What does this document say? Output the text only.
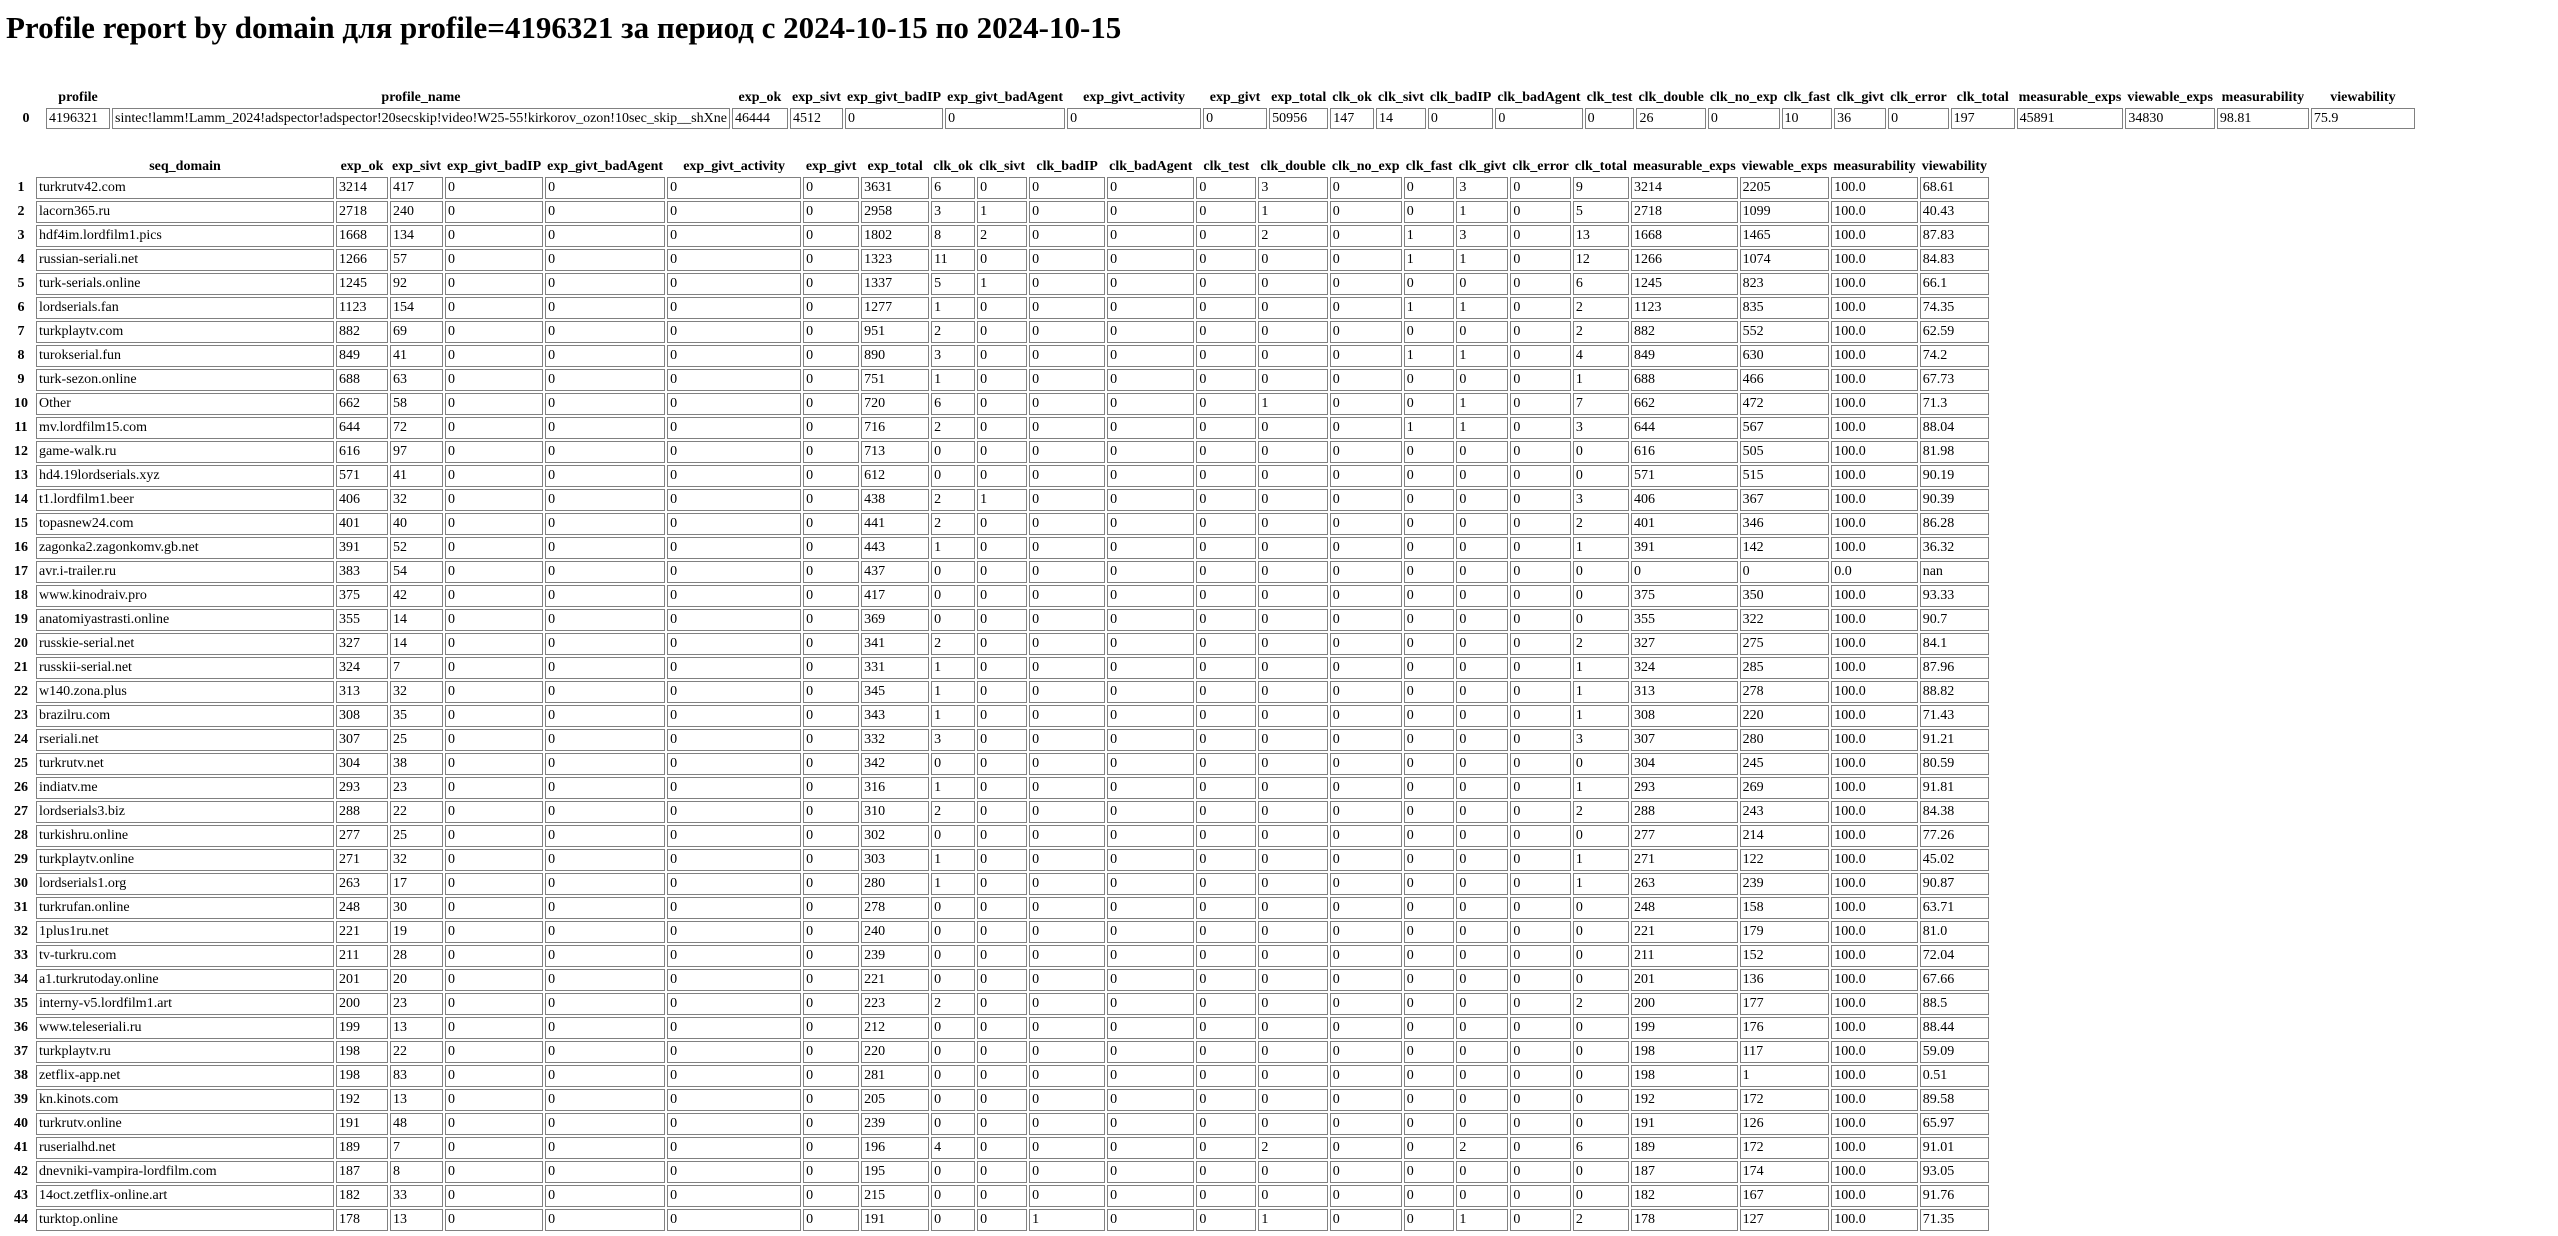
Profile report by domain для profile=4196321 за период с 2024-10-15 по 2024-10-15
	profile	profile_name	exp_ok	exp_sivt	exp_givt_badIP	exp_givt_badAgent	exp_givt_activity	exp_givt	exp_total	clk_ok	clk_sivt	clk_badIP	clk_badAgent	clk_test	clk_double	clk_no_exp	clk_fast	clk_givt	clk_error	clk_total	measurable_exps	viewable_exps	measurability	viewability
0	4196321	sintec!lamm!Lamm_2024!adspector!adspector!20secskip!video!W25-55!kirkorov_ozon!10sec_skip__shXne	46444	4512	0	0	0	0	50956	147	14	0	0	0	26	0	10	36	0	197	45891	34830	98.81	75.9
	seq_domain	exp_ok	exp_sivt	exp_givt_badIP	exp_givt_badAgent	exp_givt_activity	exp_givt	exp_total	clk_ok	clk_sivt	clk_badIP	clk_badAgent	clk_test	clk_double	clk_no_exp	clk_fast	clk_givt	clk_error	clk_total	measurable_exps	viewable_exps	measurability	viewability
1	turkrutv42.com	3214	417	0	0	0	0	3631	6	0	0	0	0	3	0	0	3	0	9	3214	2205	100.0	68.61
2	lacorn365.ru	2718	240	0	0	0	0	2958	3	1	0	0	0	1	0	0	1	0	5	2718	1099	100.0	40.43
3	hdf4im.lordfilm1.pics	1668	134	0	0	0	0	1802	8	2	0	0	0	2	0	1	3	0	13	1668	1465	100.0	87.83
4	russian-seriali.net	1266	57	0	0	0	0	1323	11	0	0	0	0	0	0	1	1	0	12	1266	1074	100.0	84.83
5	turk-serials.online	1245	92	0	0	0	0	1337	5	1	0	0	0	0	0	0	0	0	6	1245	823	100.0	66.1
6	lordserials.fan	1123	154	0	0	0	0	1277	1	0	0	0	0	0	0	1	1	0	2	1123	835	100.0	74.35
7	turkplaytv.com	882	69	0	0	0	0	951	2	0	0	0	0	0	0	0	0	0	2	882	552	100.0	62.59
8	turokserial.fun	849	41	0	0	0	0	890	3	0	0	0	0	0	0	1	1	0	4	849	630	100.0	74.2
9	turk-sezon.online	688	63	0	0	0	0	751	1	0	0	0	0	0	0	0	0	0	1	688	466	100.0	67.73
10	Other	662	58	0	0	0	0	720	6	0	0	0	0	1	0	0	1	0	7	662	472	100.0	71.3
11	mv.lordfilm15.com	644	72	0	0	0	0	716	2	0	0	0	0	0	0	1	1	0	3	644	567	100.0	88.04
12	game-walk.ru	616	97	0	0	0	0	713	0	0	0	0	0	0	0	0	0	0	0	616	505	100.0	81.98
13	hd4.19lordserials.xyz	571	41	0	0	0	0	612	0	0	0	0	0	0	0	0	0	0	0	571	515	100.0	90.19
14	t1.lordfilm1.beer	406	32	0	0	0	0	438	2	1	0	0	0	0	0	0	0	0	3	406	367	100.0	90.39
15	topasnew24.com	401	40	0	0	0	0	441	2	0	0	0	0	0	0	0	0	0	2	401	346	100.0	86.28
16	zagonka2.zagonkomv.gb.net	391	52	0	0	0	0	443	1	0	0	0	0	0	0	0	0	0	1	391	142	100.0	36.32
17	avr.i-trailer.ru	383	54	0	0	0	0	437	0	0	0	0	0	0	0	0	0	0	0	0	0	0.0	nan
18	www.kinodraiv.pro	375	42	0	0	0	0	417	0	0	0	0	0	0	0	0	0	0	0	375	350	100.0	93.33
19	anatomiyastrasti.online	355	14	0	0	0	0	369	0	0	0	0	0	0	0	0	0	0	0	355	322	100.0	90.7
20	russkie-serial.net	327	14	0	0	0	0	341	2	0	0	0	0	0	0	0	0	0	2	327	275	100.0	84.1
21	russkii-serial.net	324	7	0	0	0	0	331	1	0	0	0	0	0	0	0	0	0	1	324	285	100.0	87.96
22	w140.zona.plus	313	32	0	0	0	0	345	1	0	0	0	0	0	0	0	0	0	1	313	278	100.0	88.82
23	brazilru.com	308	35	0	0	0	0	343	1	0	0	0	0	0	0	0	0	0	1	308	220	100.0	71.43
24	rseriali.net	307	25	0	0	0	0	332	3	0	0	0	0	0	0	0	0	0	3	307	280	100.0	91.21
25	turkrutv.net	304	38	0	0	0	0	342	0	0	0	0	0	0	0	0	0	0	0	304	245	100.0	80.59
26	indiatv.me	293	23	0	0	0	0	316	1	0	0	0	0	0	0	0	0	0	1	293	269	100.0	91.81
27	lordserials3.biz	288	22	0	0	0	0	310	2	0	0	0	0	0	0	0	0	0	2	288	243	100.0	84.38
28	turkishru.online	277	25	0	0	0	0	302	0	0	0	0	0	0	0	0	0	0	0	277	214	100.0	77.26
29	turkplaytv.online	271	32	0	0	0	0	303	1	0	0	0	0	0	0	0	0	0	1	271	122	100.0	45.02
30	lordserials1.org	263	17	0	0	0	0	280	1	0	0	0	0	0	0	0	0	0	1	263	239	100.0	90.87
31	turkrufan.online	248	30	0	0	0	0	278	0	0	0	0	0	0	0	0	0	0	0	248	158	100.0	63.71
32	1plus1ru.net	221	19	0	0	0	0	240	0	0	0	0	0	0	0	0	0	0	0	221	179	100.0	81.0
33	tv-turkru.com	211	28	0	0	0	0	239	0	0	0	0	0	0	0	0	0	0	0	211	152	100.0	72.04
34	a1.turkrutoday.online	201	20	0	0	0	0	221	0	0	0	0	0	0	0	0	0	0	0	201	136	100.0	67.66
35	interny-v5.lordfilm1.art	200	23	0	0	0	0	223	2	0	0	0	0	0	0	0	0	0	2	200	177	100.0	88.5
36	www.teleseriali.ru	199	13	0	0	0	0	212	0	0	0	0	0	0	0	0	0	0	0	199	176	100.0	88.44
37	turkplaytv.ru	198	22	0	0	0	0	220	0	0	0	0	0	0	0	0	0	0	0	198	117	100.0	59.09
38	zetflix-app.net	198	83	0	0	0	0	281	0	0	0	0	0	0	0	0	0	0	0	198	1	100.0	0.51
39	kn.kinots.com	192	13	0	0	0	0	205	0	0	0	0	0	0	0	0	0	0	0	192	172	100.0	89.58
40	turkrutv.online	191	48	0	0	0	0	239	0	0	0	0	0	0	0	0	0	0	0	191	126	100.0	65.97
41	ruserialhd.net	189	7	0	0	0	0	196	4	0	0	0	0	2	0	0	2	0	6	189	172	100.0	91.01
42	dnevniki-vampira-lordfilm.com	187	8	0	0	0	0	195	0	0	0	0	0	0	0	0	0	0	0	187	174	100.0	93.05
43	14oct.zetflix-online.art	182	33	0	0	0	0	215	0	0	0	0	0	0	0	0	0	0	0	182	167	100.0	91.76
44	turktop.online	178	13	0	0	0	0	191	0	0	1	0	0	1	0	0	1	0	2	178	127	100.0	71.35
